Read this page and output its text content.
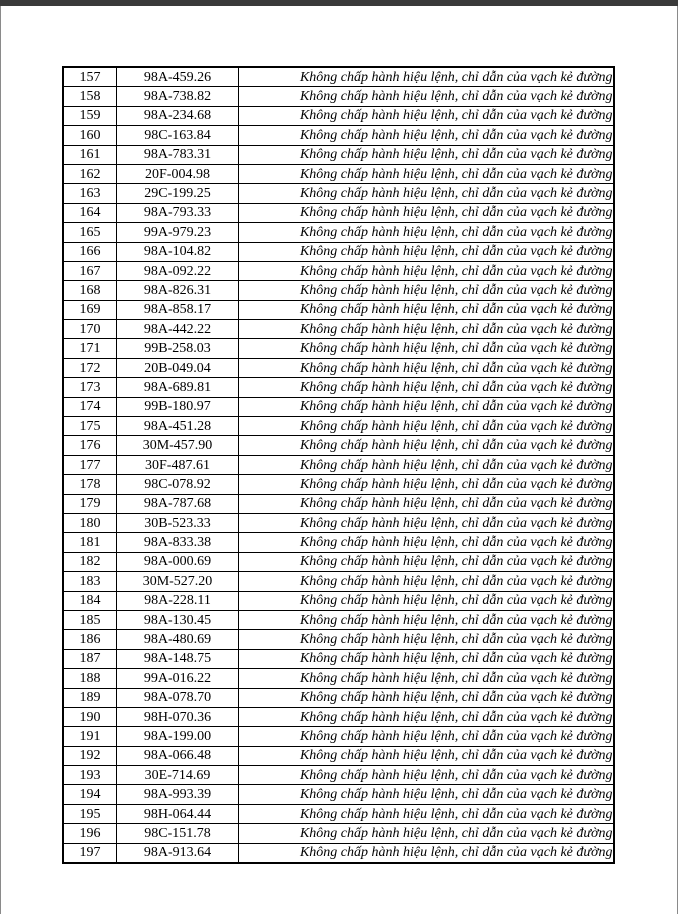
157	98A-459.26	Không chấp hành hiệu lệnh, chỉ dẫn của vạch kẻ đường
158	98A-738.82	Không chấp hành hiệu lệnh, chỉ dẫn của vạch kẻ đường
159	98A-234.68	Không chấp hành hiệu lệnh, chỉ dẫn của vạch kẻ đường
160	98C-163.84	Không chấp hành hiệu lệnh, chỉ dẫn của vạch kẻ đường
161	98A-783.31	Không chấp hành hiệu lệnh, chỉ dẫn của vạch kẻ đường
162	20F-004.98	Không chấp hành hiệu lệnh, chỉ dẫn của vạch kẻ đường
163	29C-199.25	Không chấp hành hiệu lệnh, chỉ dẫn của vạch kẻ đường
164	98A-793.33	Không chấp hành hiệu lệnh, chỉ dẫn của vạch kẻ đường
165	99A-979.23	Không chấp hành hiệu lệnh, chỉ dẫn của vạch kẻ đường
166	98A-104.82	Không chấp hành hiệu lệnh, chỉ dẫn của vạch kẻ đường
167	98A-092.22	Không chấp hành hiệu lệnh, chỉ dẫn của vạch kẻ đường
168	98A-826.31	Không chấp hành hiệu lệnh, chỉ dẫn của vạch kẻ đường
169	98A-858.17	Không chấp hành hiệu lệnh, chỉ dẫn của vạch kẻ đường
170	98A-442.22	Không chấp hành hiệu lệnh, chỉ dẫn của vạch kẻ đường
171	99B-258.03	Không chấp hành hiệu lệnh, chỉ dẫn của vạch kẻ đường
172	20B-049.04	Không chấp hành hiệu lệnh, chỉ dẫn của vạch kẻ đường
173	98A-689.81	Không chấp hành hiệu lệnh, chỉ dẫn của vạch kẻ đường
174	99B-180.97	Không chấp hành hiệu lệnh, chỉ dẫn của vạch kẻ đường
175	98A-451.28	Không chấp hành hiệu lệnh, chỉ dẫn của vạch kẻ đường
176	30M-457.90	Không chấp hành hiệu lệnh, chỉ dẫn của vạch kẻ đường
177	30F-487.61	Không chấp hành hiệu lệnh, chỉ dẫn của vạch kẻ đường
178	98C-078.92	Không chấp hành hiệu lệnh, chỉ dẫn của vạch kẻ đường
179	98A-787.68	Không chấp hành hiệu lệnh, chỉ dẫn của vạch kẻ đường
180	30B-523.33	Không chấp hành hiệu lệnh, chỉ dẫn của vạch kẻ đường
181	98A-833.38	Không chấp hành hiệu lệnh, chỉ dẫn của vạch kẻ đường
182	98A-000.69	Không chấp hành hiệu lệnh, chỉ dẫn của vạch kẻ đường
183	30M-527.20	Không chấp hành hiệu lệnh, chỉ dẫn của vạch kẻ đường
184	98A-228.11	Không chấp hành hiệu lệnh, chỉ dẫn của vạch kẻ đường
185	98A-130.45	Không chấp hành hiệu lệnh, chỉ dẫn của vạch kẻ đường
186	98A-480.69	Không chấp hành hiệu lệnh, chỉ dẫn của vạch kẻ đường
187	98A-148.75	Không chấp hành hiệu lệnh, chỉ dẫn của vạch kẻ đường
188	99A-016.22	Không chấp hành hiệu lệnh, chỉ dẫn của vạch kẻ đường
189	98A-078.70	Không chấp hành hiệu lệnh, chỉ dẫn của vạch kẻ đường
190	98H-070.36	Không chấp hành hiệu lệnh, chỉ dẫn của vạch kẻ đường
191	98A-199.00	Không chấp hành hiệu lệnh, chỉ dẫn của vạch kẻ đường
192	98A-066.48	Không chấp hành hiệu lệnh, chỉ dẫn của vạch kẻ đường
193	30E-714.69	Không chấp hành hiệu lệnh, chỉ dẫn của vạch kẻ đường
194	98A-993.39	Không chấp hành hiệu lệnh, chỉ dẫn của vạch kẻ đường
195	98H-064.44	Không chấp hành hiệu lệnh, chỉ dẫn của vạch kẻ đường
196	98C-151.78	Không chấp hành hiệu lệnh, chỉ dẫn của vạch kẻ đường
197	98A-913.64	Không chấp hành hiệu lệnh, chỉ dẫn của vạch kẻ đường
